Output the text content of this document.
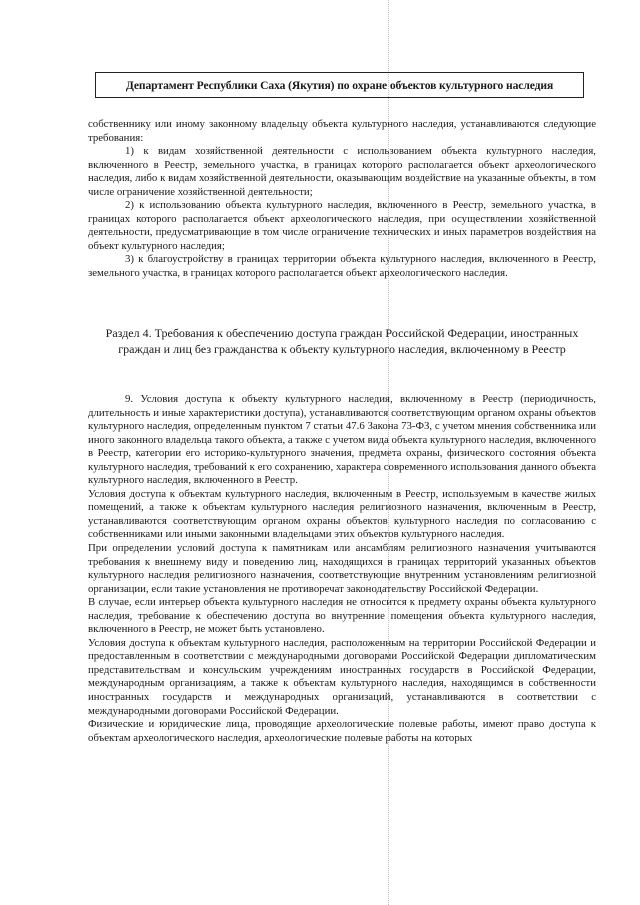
Департамент Республики Саха (Якутия) по охране объектов культурного наследия

собственнику или иному законному владельцу объекта культурного наследия, устанавливаются следующие требования:

1) к видам хозяйственной деятельности с использованием объекта культурного наследия, включенного в Реестр, земельного участка, в границах которого располагается объект археологического наследия, либо к видам хозяйственной деятельности, оказывающим воздействие на указанные объекты, в том числе ограничение хозяйственной деятельности;

2) к использованию объекта культурного наследия, включенного в Реестр, земельного участка, в границах которого располагается объект археологического наследия, при осуществлении хозяйственной деятельности, предусматривающие в том числе ограничение технических и иных параметров воздействия на объект культурного наследия;

3) к благоустройству в границах территории объекта культурного наследия, включенного в Реестр, земельного участка, в границах которого располагается объект археологического наследия.

Раздел 4. Требования к обеспечению доступа граждан Российской Федерации, иностранных граждан и лиц без гражданства к объекту культурного наследия, включенному в Реестр

9. Условия доступа к объекту культурного наследия, включенному в Реестр (периодичность, длительность и иные характеристики доступа), устанавливаются соответствующим органом охраны объектов культурного наследия, определенным пунктом 7 статьи 47.6 Закона 73-ФЗ, с учетом мнения собственника или иного законного владельца такого объекта, а также с учетом вида объекта культурного наследия, включенного в Реестр, категории его историко-культурного значения, предмета охраны, физического состояния объекта культурного наследия, требований к его сохранению, характера современного использования данного объекта культурного наследия, включенного в Реестр.

Условия доступа к объектам культурного наследия, включенным в Реестр, используемым в качестве жилых помещений, а также к объектам культурного наследия религиозного назначения, включенным в Реестр, устанавливаются соответствующим органом охраны объектов культурного наследия по согласованию с собственниками или иными законными владельцами этих объектов культурного наследия.

При определении условий доступа к памятникам или ансамблям религиозного назначения учитываются требования к внешнему виду и поведению лиц, находящихся в границах территорий указанных объектов культурного наследия религиозного назначения, соответствующие внутренним установлениям религиозной организации, если такие установления не противоречат законодательству Российской Федерации.

В случае, если интерьер объекта культурного наследия не относится к предмету охраны объекта культурного наследия, требование к обеспечению доступа во внутренние помещения объекта культурного наследия, включенного в Реестр, не может быть установлено.

Условия доступа к объектам культурного наследия, расположенным на территории Российской Федерации и предоставленным в соответствии с международными договорами Российской Федерации дипломатическим представительствам и консульским учреждениям иностранных государств в Российской Федерации, международным организациям, а также к объектам культурного наследия, находящимся в собственности иностранных государств и международных организаций, устанавливаются в соответствии с международными договорами Российской Федерации.

Физические и юридические лица, проводящие археологические полевые работы, имеют право доступа к объектам археологического наследия, археологические полевые работы на которых
